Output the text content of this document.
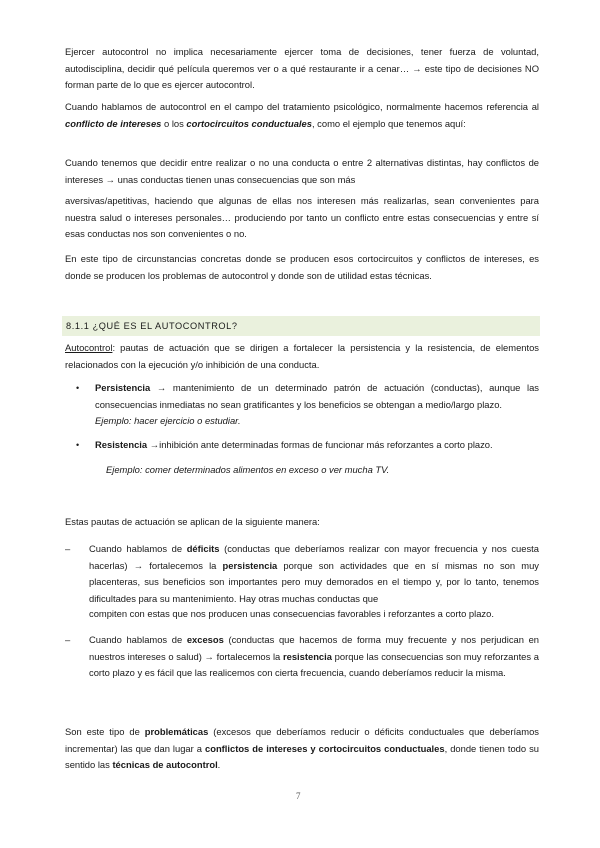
Ejercer autocontrol no implica necesariamente ejercer toma de decisiones, tener fuerza de voluntad, autodisciplina, decidir qué película queremos ver o a qué restaurante ir a cenar… → este tipo de decisiones NO forman parte de lo que es ejercer autocontrol.

Cuando hablamos de autocontrol en el campo del tratamiento psicológico, normalmente hacemos referencia al conflicto de intereses o los cortocircuitos conductuales, como el ejemplo que tenemos aquí:

Cuando tenemos que decidir entre realizar o no una conducta o entre 2 alternativas distintas, hay conflictos de intereses → unas conductas tienen unas consecuencias que son más

aversivas/apetitivas, haciendo que algunas de ellas nos interesen más realizarlas, sean convenientes para nuestra salud o intereses personales… produciendo por tanto un conflicto entre estas consecuencias y entre sí esas conductas nos son convenientes o no.

En este tipo de circunstancias concretas donde se producen esos cortocircuitos y conflictos de intereses, es donde se producen los problemas de autocontrol y donde son de utilidad estas técnicas.

8.1.1 ¿QUÉ ES EL AUTOCONTROL?

Autocontrol: pautas de actuación que se dirigen a fortalecer la persistencia y la resistencia, de elementos relacionados con la ejecución y/o inhibición de una conducta.

• Persistencia → mantenimiento de un determinado patrón de actuación (conductas), aunque las consecuencias inmediatas no sean gratificantes y los beneficios se obtengan a medio/largo plazo.
Ejemplo: hacer ejercicio o estudiar.
• Resistencia →inhibición ante determinadas formas de funcionar más reforzantes a corto plazo.
Ejemplo: comer determinados alimentos en exceso o ver mucha TV.

Estas pautas de actuación se aplican de la siguiente manera:

– Cuando hablamos de déficits (conductas que deberíamos realizar con mayor frecuencia y nos cuesta hacerlas) → fortalecemos la persistencia porque son actividades que en sí mismas no son muy placenteras, sus beneficios son importantes pero muy demorados en el tiempo y, por lo tanto, tenemos dificultades para su mantenimiento. Hay otras muchas conductas que
compiten con estas que nos producen unas consecuencias favorables i reforzantes a corto plazo.
– Cuando hablamos de excesos (conductas que hacemos de forma muy frecuente y nos perjudican en nuestros intereses o salud) → fortalecemos la resistencia porque las consecuencias son muy reforzantes a corto plazo y es fácil que las realicemos con cierta frecuencia, cuando deberíamos reducir la misma.

Son este tipo de problemáticas (excesos que deberíamos reducir o déficits conductuales que deberíamos incrementar) las que dan lugar a conflictos de intereses y cortocircuitos conductuales, donde tienen todo su sentido las técnicas de autocontrol.

7
